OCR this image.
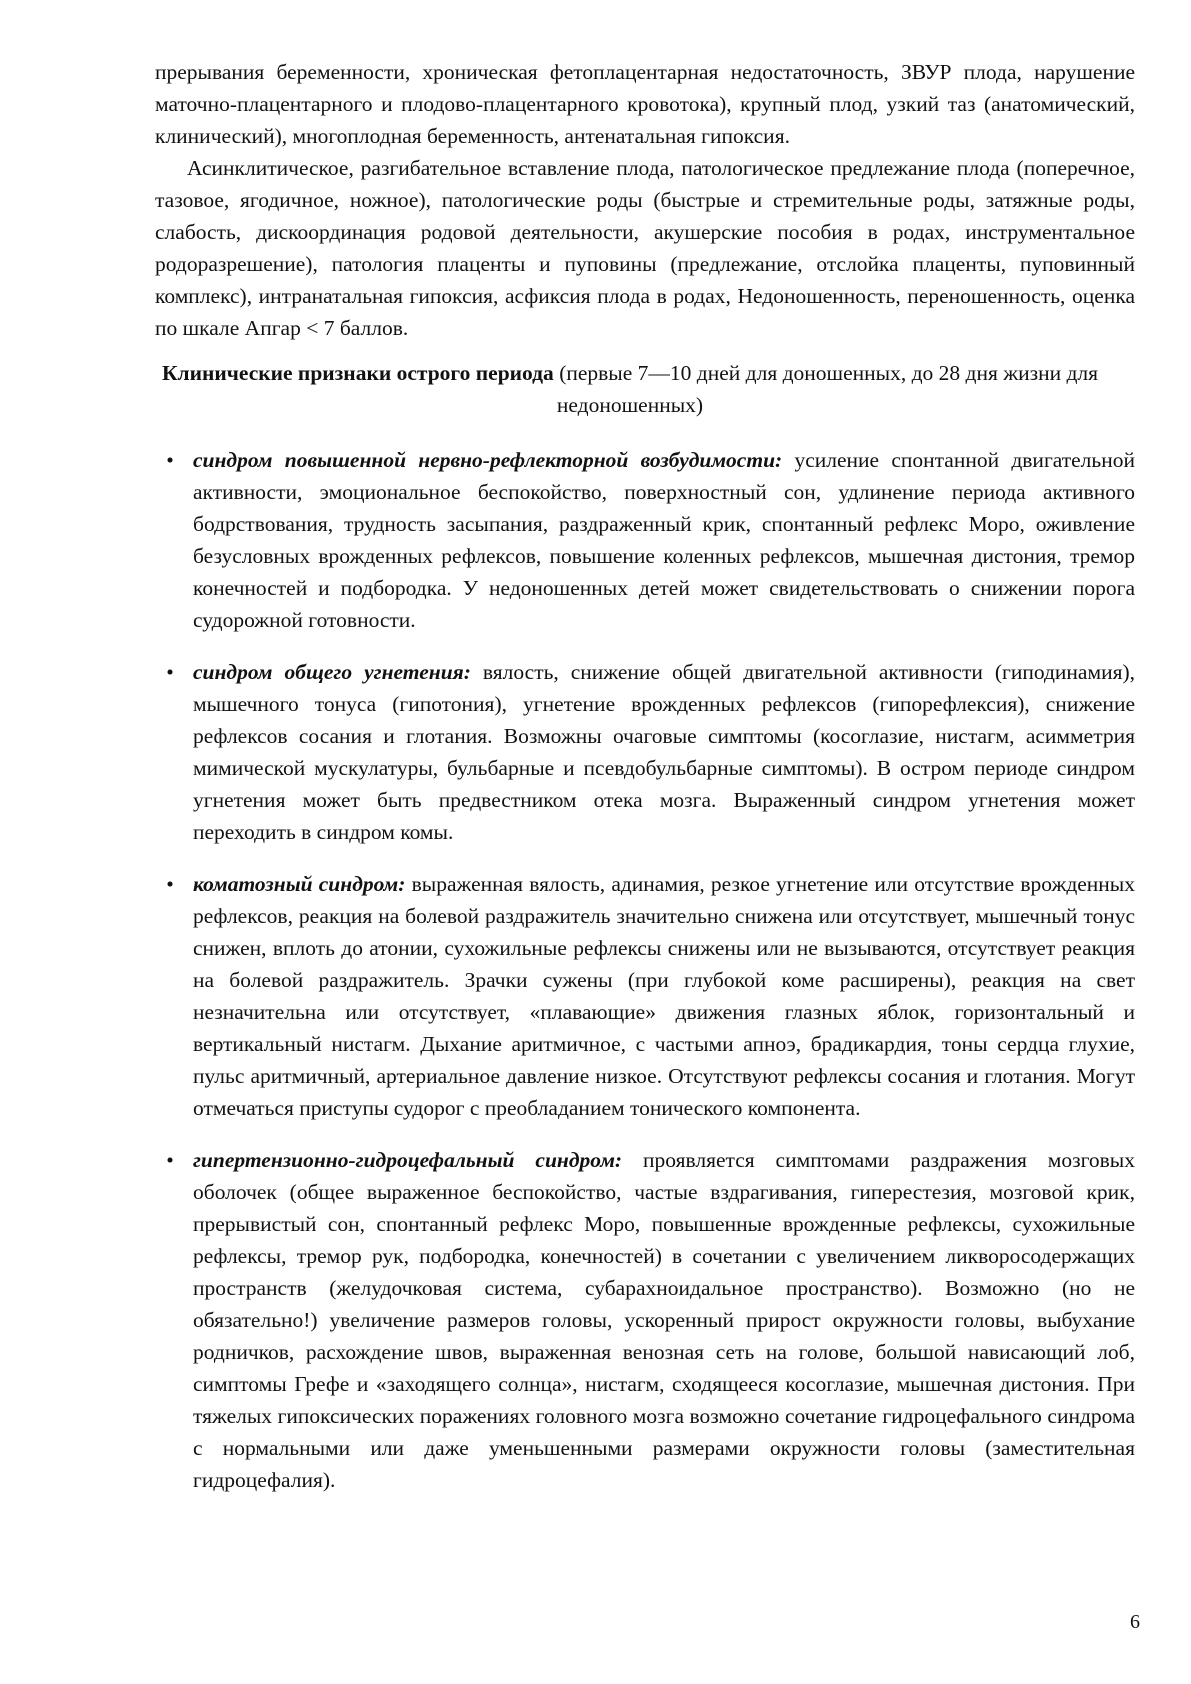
прерывания беременности, хроническая фетоплацентарная недостаточность, ЗВУР плода, нарушение маточно-плацентарного и плодово-плацентарного кровотока), крупный плод, узкий таз (анатомический, клинический), многоплодная беременность, антенатальная гипоксия.

Асинклитическое, разгибательное вставление плода, патологическое предлежание плода (поперечное, тазовое, ягодичное, ножное), патологические роды (быстрые и стремительные роды, затяжные роды, слабость, дискоординация родовой деятельности, акушерские пособия в родах, инструментальное родоразрешение), патология плаценты и пуповины (предлежание, отслойка плаценты, пуповинный комплекс), интранатальная гипоксия, асфиксия плода в родах, Недоношенность, переношенность, оценка по шкале Апгар < 7 баллов.

Клинические признаки острого периода (первые 7—10 дней для доношенных, до 28 дня жизни для недоношенных)
• синдром повышенной нервно-рефлекторной возбудимости: усиление спонтанной двигательной активности, эмоциональное беспокойство, поверхностный сон, удлинение периода активного бодрствования, трудность засыпания, раздраженный крик, спонтанный рефлекс Моро, оживление безусловных врожденных рефлексов, повышение коленных рефлексов, мышечная дистония, тремор конечностей и подбородка. У недоношенных детей может свидетельствовать о снижении порога судорожной готовности.
• синдром общего угнетения: вялость, снижение общей двигательной активности (гиподинамия), мышечного тонуса (гипотония), угнетение врожденных рефлексов (гипорефлексия), снижение рефлексов сосания и глотания. Возможны очаговые симптомы (косоглазие, нистагм, асимметрия мимической мускулатуры, бульбарные и псевдобульбарные симптомы). В остром периоде синдром угнетения может быть предвестником отека мозга. Выраженный синдром угнетения может переходить в синдром комы.
• коматозный синдром: выраженная вялость, адинамия, резкое угнетение или отсутствие врожденных рефлексов, реакция на болевой раздражитель значительно снижена или отсутствует, мышечный тонус снижен, вплоть до атонии, сухожильные рефлексы снижены или не вызываются, отсутствует реакция на болевой раздражитель. Зрачки сужены (при глубокой коме расширены), реакция на свет незначительна или отсутствует, «плавающие» движения глазных яблок, горизонтальный и вертикальный нистагм. Дыхание аритмичное, с частыми апноэ, брадикардия, тоны сердца глухие, пульс аритмичный, артериальное давление низкое. Отсутствуют рефлексы сосания и глотания. Могут отмечаться приступы судорог с преобладанием тонического компонента.
• гипертензионно-гидроцефальный синдром: проявляется симптомами раздражения мозговых оболочек (общее выраженное беспокойство, частые вздрагивания, гиперестезия, мозговой крик, прерывистый сон, спонтанный рефлекс Моро, повышенные врожденные рефлексы, сухожильные рефлексы, тремор рук, подбородка, конечностей) в сочетании с увеличением ликворосодержащих пространств (желудочковая система, субарахноидальное пространство). Возможно (но не обязательно!) увеличение размеров головы, ускоренный прирост окружности головы, выбухание родничков, расхождение швов, выраженная венозная сеть на голове, большой нависающий лоб, симптомы Грефе и «заходящего солнца», нистагм, сходящееся косоглазие, мышечная дистония. При тяжелых гипоксических поражениях головного мозга возможно сочетание гидроцефального синдрома с нормальными или даже уменьшенными размерами окружности головы (заместительная гидроцефалия).
6
